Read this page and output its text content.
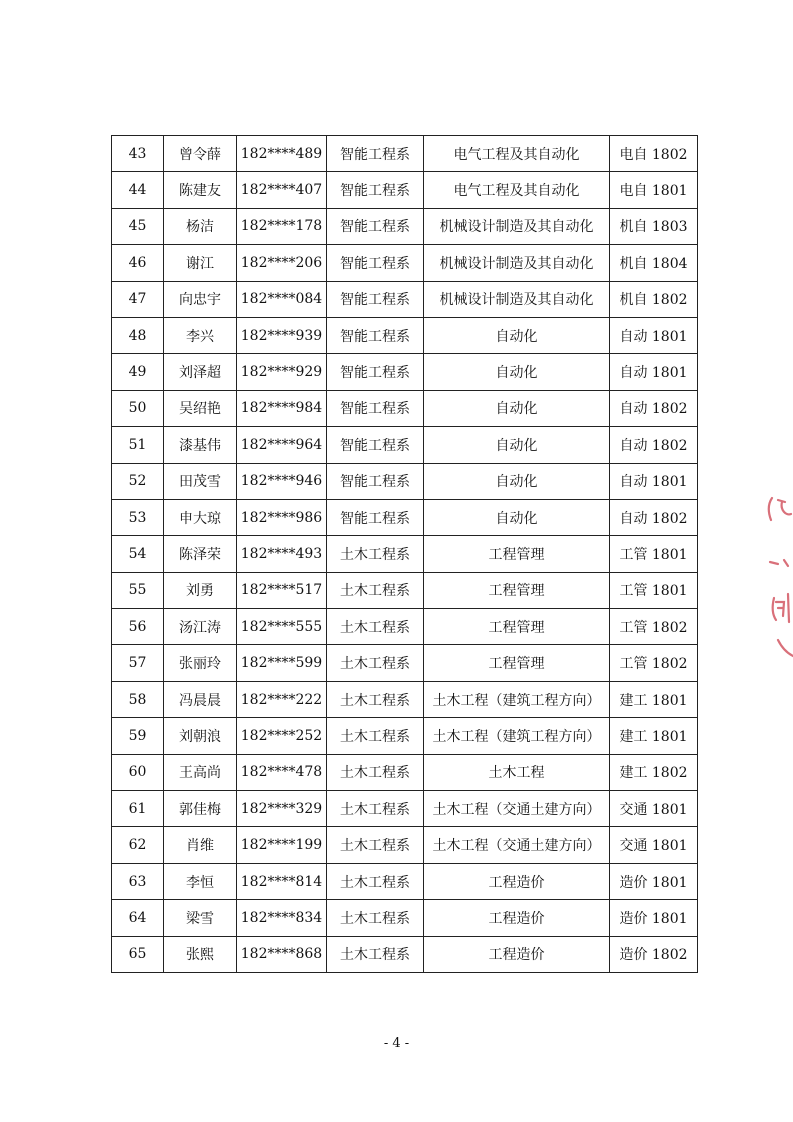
43	曾令薛	182****489	智能工程系	电气工程及其自动化	电自 1802
44	陈建友	182****407	智能工程系	电气工程及其自动化	电自 1801
45	杨洁	182****178	智能工程系	机械设计制造及其自动化	机自 1803
46	谢江	182****206	智能工程系	机械设计制造及其自动化	机自 1804
47	向忠宇	182****084	智能工程系	机械设计制造及其自动化	机自 1802
48	李兴	182****939	智能工程系	自动化	自动 1801
49	刘泽超	182****929	智能工程系	自动化	自动 1801
50	吴绍艳	182****984	智能工程系	自动化	自动 1802
51	漆基伟	182****964	智能工程系	自动化	自动 1802
52	田茂雪	182****946	智能工程系	自动化	自动 1801
53	申大琼	182****986	智能工程系	自动化	自动 1802
54	陈泽荣	182****493	土木工程系	工程管理	工管 1801
55	刘勇	182****517	土木工程系	工程管理	工管 1801
56	汤江涛	182****555	土木工程系	工程管理	工管 1802
57	张丽玲	182****599	土木工程系	工程管理	工管 1802
58	冯晨晨	182****222	土木工程系	土木工程（建筑工程方向）	建工 1801
59	刘朝浪	182****252	土木工程系	土木工程（建筑工程方向）	建工 1801
60	王高尚	182****478	土木工程系	土木工程	建工 1802
61	郭佳梅	182****329	土木工程系	土木工程（交通土建方向）	交通 1801
62	肖维	182****199	土木工程系	土木工程（交通土建方向）	交通 1801
63	李恒	182****814	土木工程系	工程造价	造价 1801
64	梁雪	182****834	土木工程系	工程造价	造价 1801
65	张熙	182****868	土木工程系	工程造价	造价 1802
- 4 -
